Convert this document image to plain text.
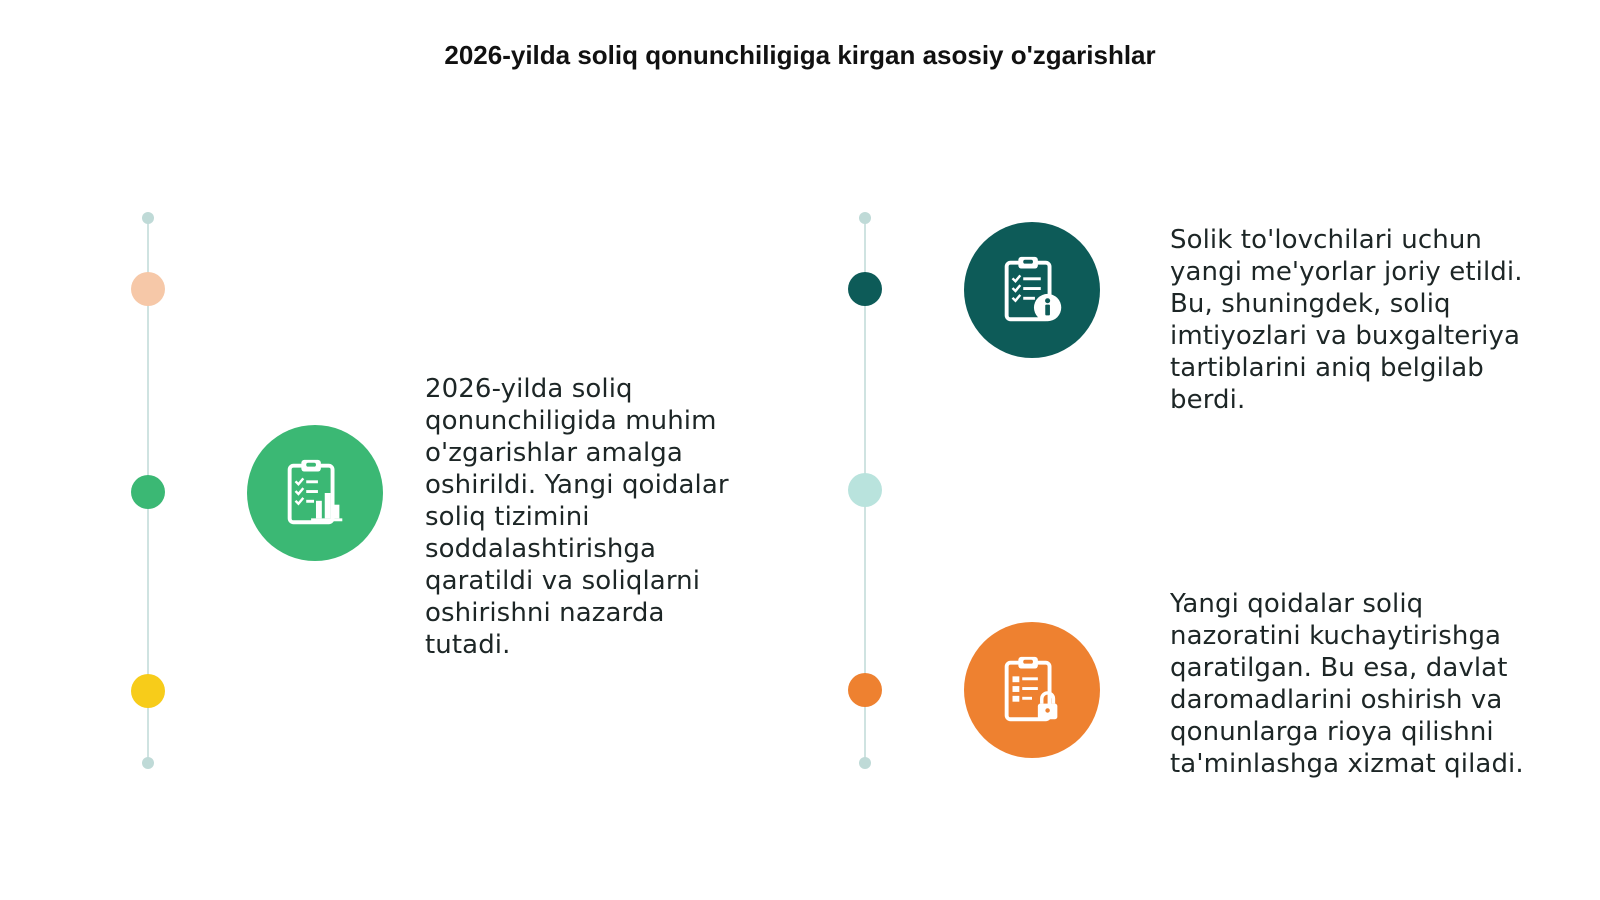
2026-yilda soliq qonunchiligiga kirgan asosiy o'zgarishlar
2026-yilda soliq qonunchiligida muhim o'zgarishlar amalga oshirildi. Yangi qoidalar soliq tizimini soddalashtirishga qaratildi va soliqlarni oshirishni nazarda tutadi.
Solik to'lovchilari uchun yangi me'yorlar joriy etildi. Bu, shuningdek, soliq imtiyozlari va buxgalteriya tartiblarini aniq belgilab berdi.
Yangi qoidalar soliq nazoratini kuchaytirishga qaratilgan. Bu esa, davlat daromadlarini oshirish va qonunlarga rioya qilishni ta'minlashga xizmat qiladi.
